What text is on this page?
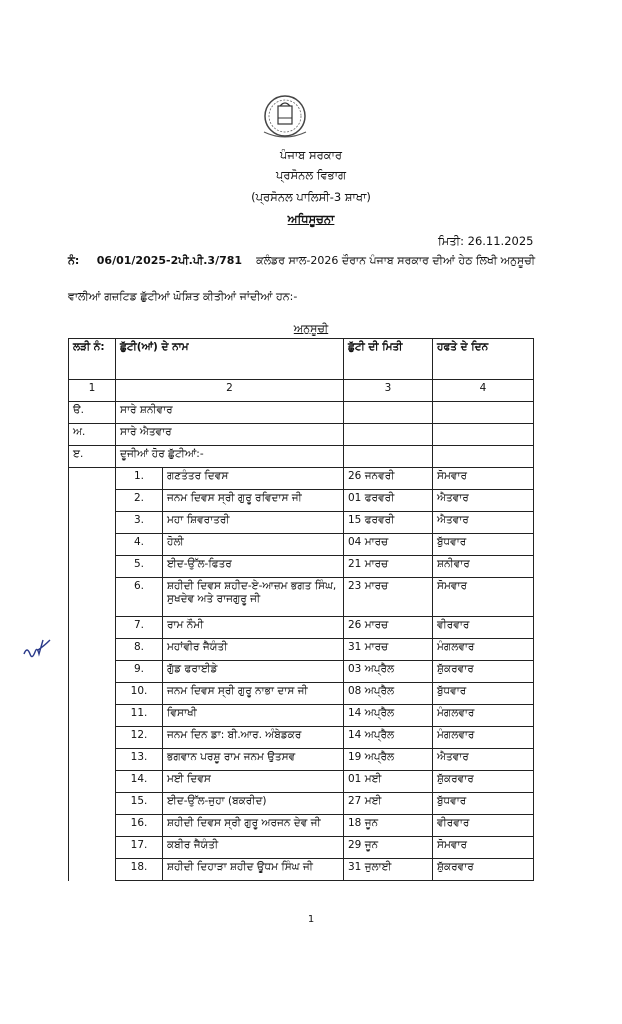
ਪੰਜਾਬ ਸਰਕਾਰ
ਪ੍ਰਸੋਨਲ ਵਿਭਾਗ
(ਪ੍ਰਸੋਨਲ ਪਾਲਿਸੀ-3 ਸ਼ਾਖਾ)
ਅਧਿਸੂਚਨਾ
ਮਿਤੀ: 26.11.2025
ਨੰ: 06/01/2025-2ਪੀ.ਪੀ.3/781 ਕਲੰਡਰ ਸਾਲ-2026 ਦੌਰਾਨ ਪੰਜਾਬ ਸਰਕਾਰ ਦੀਆਂ ਹੇਠ ਲਿਖੀ ਅਨੁਸੂਚੀ
ਵਾਲੀਆਂ ਗਜ਼ਟਿਡ ਛੁੱਟੀਆਂ ਘੋਸ਼ਿਤ ਕੀਤੀਆਂ ਜਾਂਦੀਆਂ ਹਨ:-
ਅਨੁਸੂਚੀ
ਲੜੀ ਨੰ:	ਛੁੱਟੀ(ਆਂ) ਦੇ ਨਾਮ		ਛੁੱਟੀ ਦੀ ਮਿਤੀ	ਹਫਤੇ ਦੇ ਦਿਨ
1	2		3	4
ੳ.	ਸਾਰੇ ਸ਼ਨੀਵਾਰ			
ਅ.	ਸਾਰੇ ਐਤਵਾਰ			
ੲ.	ਦੂਜੀਆਂ ਹੋਰ ਛੁੱਟੀਆਂ:-			
	1.	ਗਣਤੰਤਰ ਦਿਵਸ	26 ਜਨਵਰੀ	ਸੋਮਵਾਰ
	2.	ਜਨਮ ਦਿਵਸ ਸ੍ਰੀ ਗੁਰੂ ਰਵਿਦਾਸ ਜੀ	01 ਫਰਵਰੀ	ਐਤਵਾਰ
	3.	ਮਹਾ ਸ਼ਿਵਰਾਤਰੀ	15 ਫਰਵਰੀ	ਐਤਵਾਰ
	4.	ਹੋਲੀ	04 ਮਾਰਚ	ਬੁੱਧਵਾਰ
	5.	ਈਦ-ਉੱਲ-ਫਿਤਰ	21 ਮਾਰਚ	ਸ਼ਨੀਵਾਰ
	6.	ਸ਼ਹੀਦੀ ਦਿਵਸ ਸ਼ਹੀਦ-ਏ-ਆਜ਼ਮ ਭਗਤ ਸਿੰਘ, ਸੁਖਦੇਵ ਅਤੇ ਰਾਜਗੁਰੂ ਜੀ	23 ਮਾਰਚ	ਸੋਮਵਾਰ
	7.	ਰਾਮ ਨੌਮੀ	26 ਮਾਰਚ	ਵੀਰਵਾਰ
	8.	ਮਹਾਂਵੀਰ ਜੈਯੰਤੀ	31 ਮਾਰਚ	ਮੰਗਲਵਾਰ
	9.	ਗੁੱਡ ਫਰਾਈਡੇ	03 ਅਪ੍ਰੈਲ	ਸ਼ੁੱਕਰਵਾਰ
	10.	ਜਨਮ ਦਿਵਸ ਸ੍ਰੀ ਗੁਰੂ ਨਾਭਾ ਦਾਸ ਜੀ	08 ਅਪ੍ਰੈਲ	ਬੁੱਧਵਾਰ
	11.	ਵਿਸਾਖੀ	14 ਅਪ੍ਰੈਲ	ਮੰਗਲਵਾਰ
	12.	ਜਨਮ ਦਿਨ ਡਾ: ਬੀ.ਆਰ. ਅੰਬੇਡਕਰ	14 ਅਪ੍ਰੈਲ	ਮੰਗਲਵਾਰ
	13.	ਭਗਵਾਨ ਪਰਸ਼ੂ ਰਾਮ ਜਨਮ ਉਤਸਵ	19 ਅਪ੍ਰੈਲ	ਐਤਵਾਰ
	14.	ਮਈ ਦਿਵਸ	01 ਮਈ	ਸ਼ੁੱਕਰਵਾਰ
	15.	ਈਦ-ਉੱਲ-ਜੁਹਾ (ਬਕਰੀਦ)	27 ਮਈ	ਬੁੱਧਵਾਰ
	16.	ਸ਼ਹੀਦੀ ਦਿਵਸ ਸ੍ਰੀ ਗੁਰੂ ਅਰਜਨ ਦੇਵ ਜੀ	18 ਜੂਨ	ਵੀਰਵਾਰ
	17.	ਕਬੀਰ ਜੈਯੰਤੀ	29 ਜੂਨ	ਸੋਮਵਾਰ
	18.	ਸ਼ਹੀਦੀ ਦਿਹਾੜਾ ਸ਼ਹੀਦ ਊਧਮ ਸਿੰਘ ਜੀ	31 ਜੁਲਾਈ	ਸ਼ੁੱਕਰਵਾਰ
1
